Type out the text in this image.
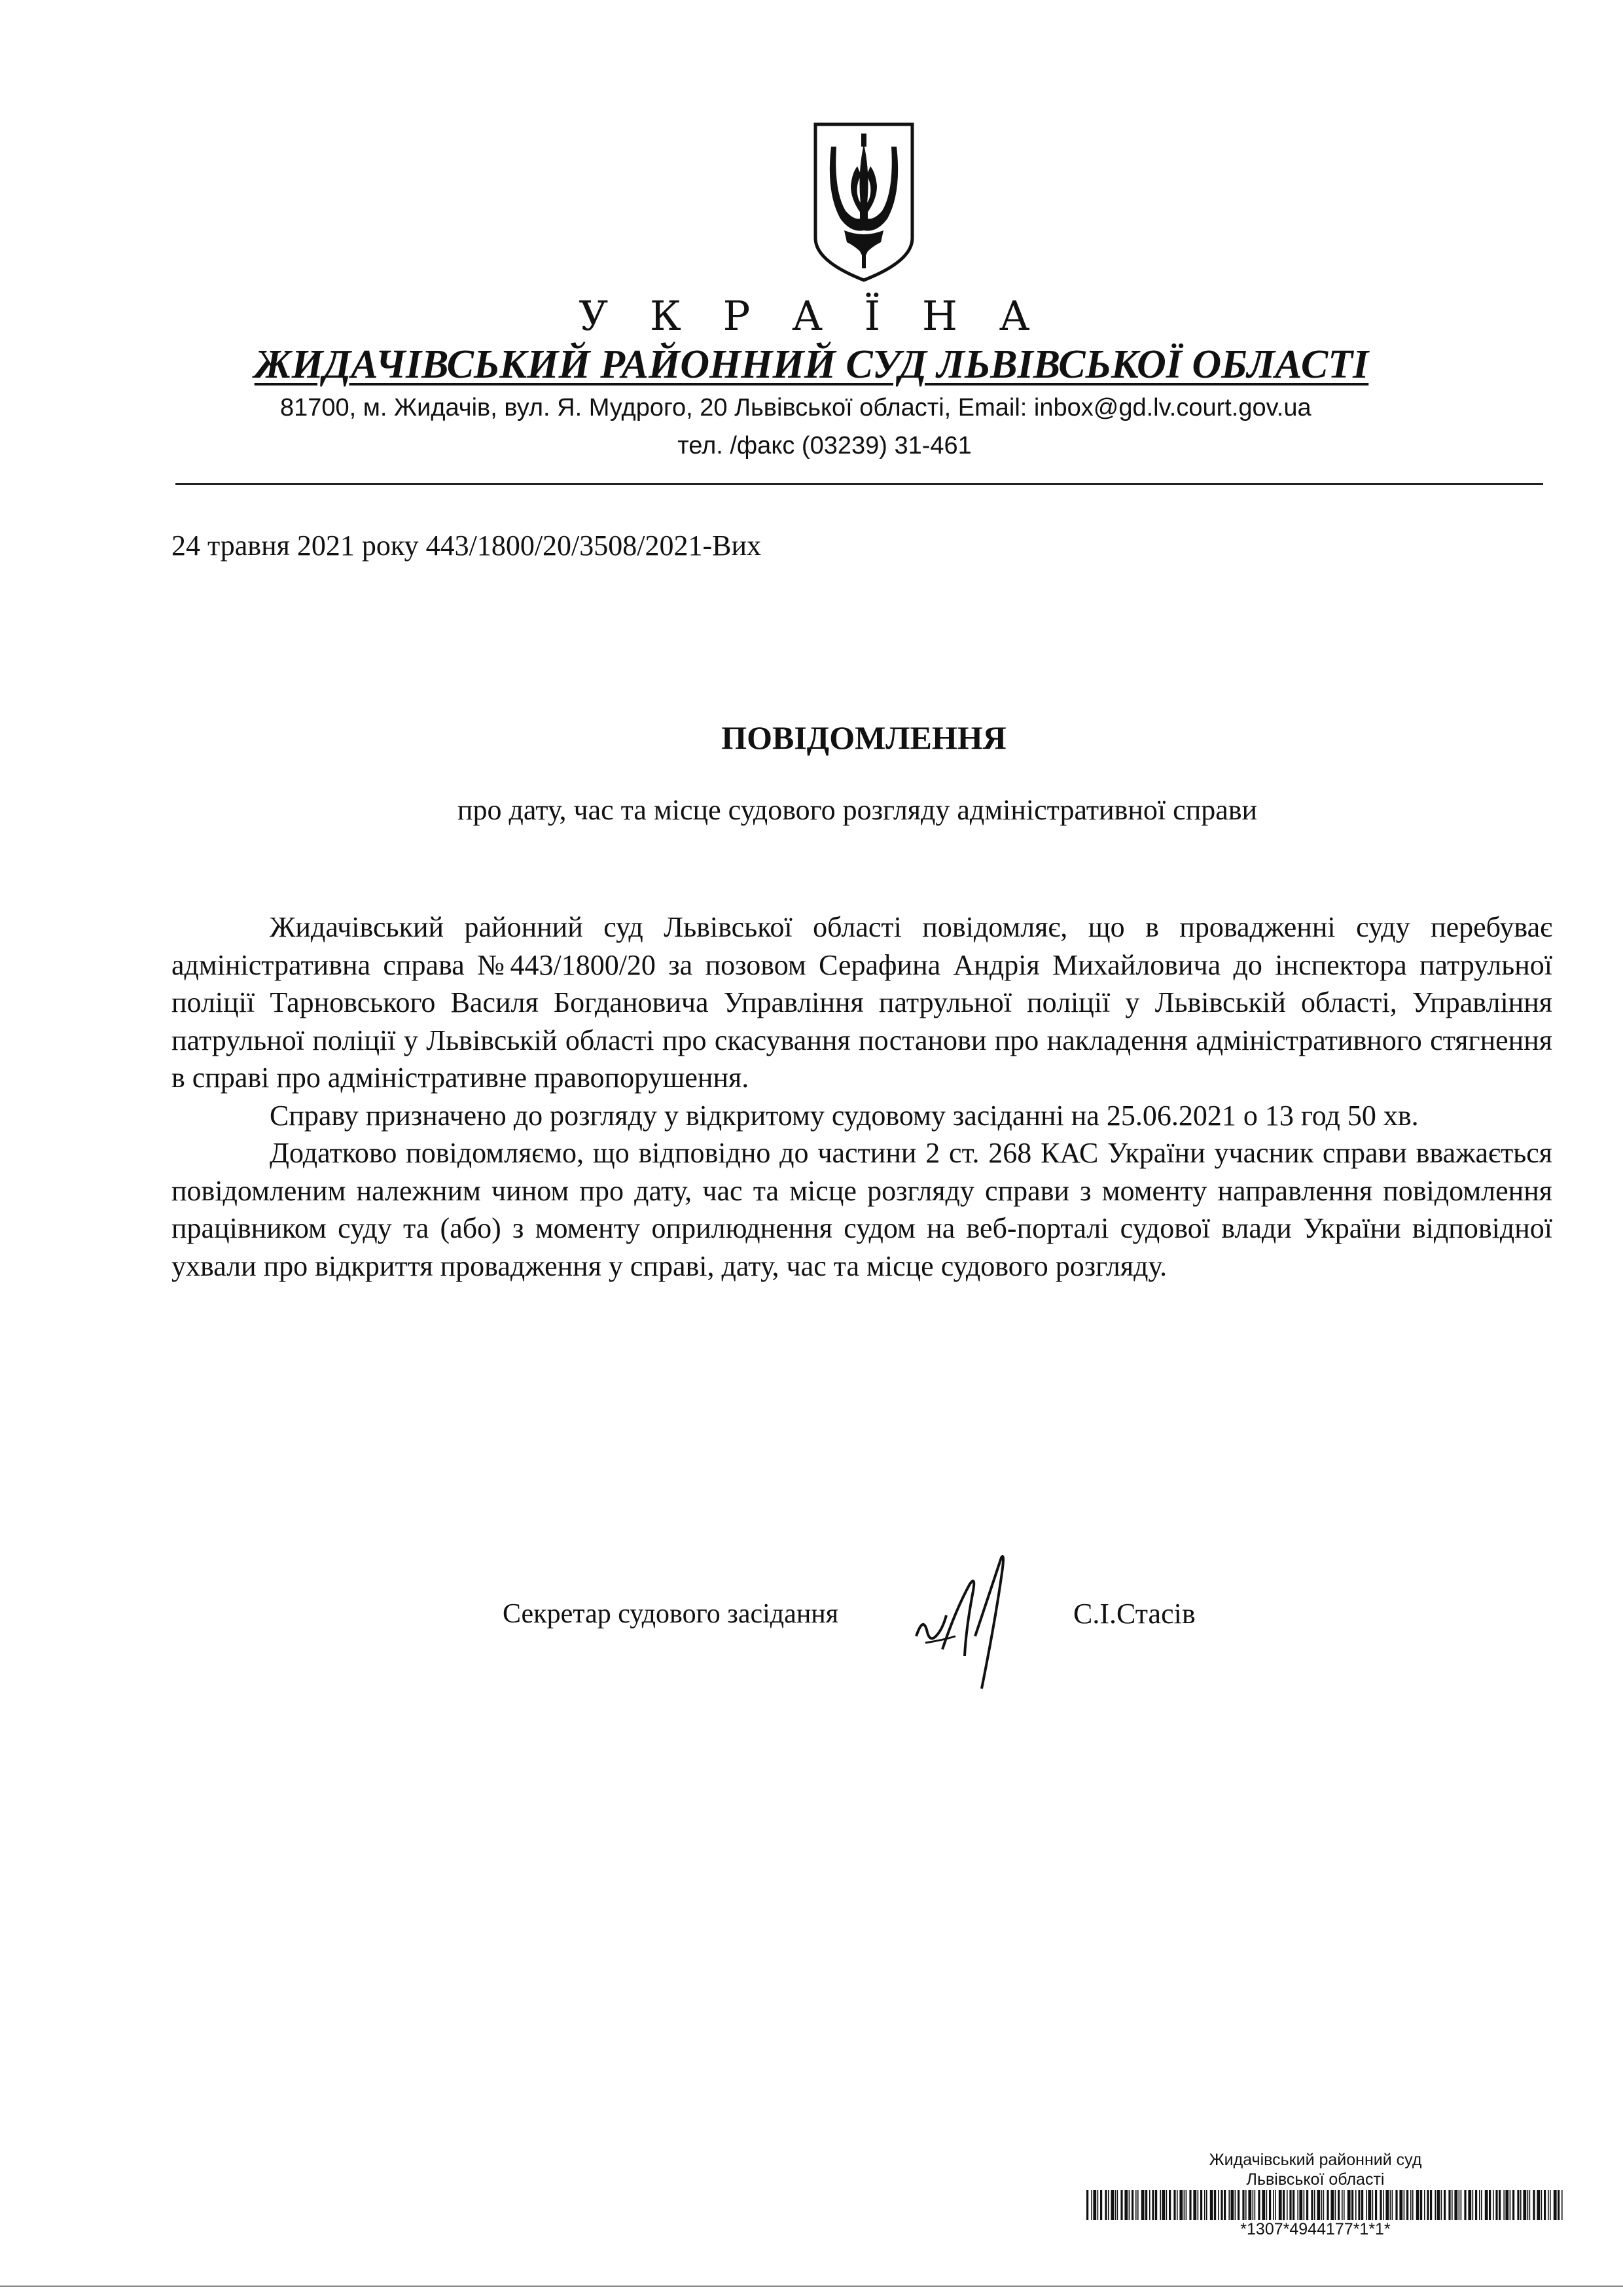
У К Р А Ї Н А
ЖИДАЧІВСЬКИЙ РАЙОННИЙ СУД ЛЬВІВСЬКОЇ ОБЛАСТІ
81700, м. Жидачів, вул. Я. Мудрого, 20 Львівської області, Email: inbox@gd.lv.court.gov.ua
тел. /факс (03239) 31-461
24 травня 2021 року 443/1800/20/3508/2021-Вих
ПОВІДОМЛЕННЯ
про дату, час та місце судового розгляду адміністративної справи

Жидачівський районний суд Львівської області повідомляє, що в провадженні суду перебуває адміністративна справа №443/1800/20 за позовом Серафина Андрія Михайловича до інспектора патрульної поліції Тарновського Василя Богдановича Управління патрульної поліції у Львівській області, Управління патрульної поліції у Львівській області про скасування постанови про накладення адміністративного стягнення в справі про адміністративне правопорушення.

Справу призначено до розгляду у відкритому судовому засіданні на 25.06.2021 о 13 год 50 хв.

Додатково повідомляємо, що відповідно до частини 2 ст. 268 КАС України учасник справи вважається повідомленим належним чином про дату, час та місце розгляду справи з моменту направлення повідомлення працівником суду та (або) з моменту оприлюднення судом на веб-порталі судової влади України відповідної ухвали про відкриття провадження у справі, дату, час та місце судового розгляду.

Секретар судового засідання	С.І.Стасів
Жидачівський районний суд
Львівської області
*1307*4944177*1*1*
